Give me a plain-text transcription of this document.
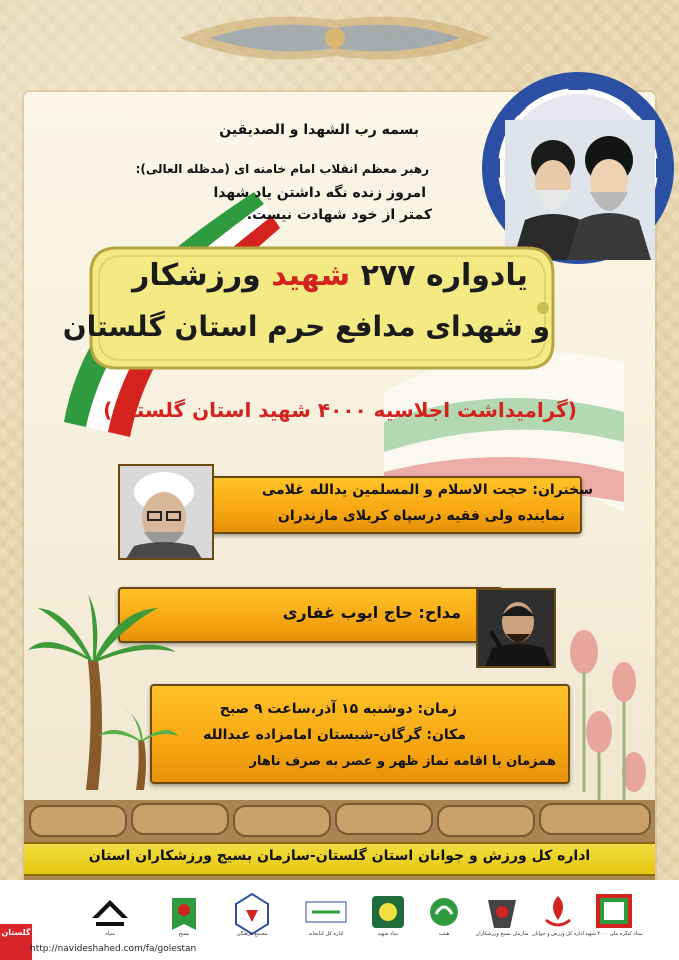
بسمه رب الشهدا و الصدیقین
رهبر معظم انقلاب امام خامنه ای (مدظله العالی):
امروز زنده نگه داشتن یاد شهدا
کمتر از خود شهادت نیست.
یادواره ۲۷۷ شهید ورزشکار
و شهدای مدافع حرم استان گلستان
(گرامیداشت اجلاسیه ۴۰۰۰ شهید استان گلستان)
سخنران: حجت الاسلام و المسلمین یدالله غلامی
نماینده ولی فقیه درسپاه کربلای مازندران
مداح: حاج ایوب غفاری
زمان: دوشنبه ۱۵ آذر،ساعت ۹ صبح
مکان: گرگان-شبستان امامزاده عبدالله
همزمان با اقامه نماز ظهر و عصر به صرف ناهار
اداره کل ورزش و جوانان استان گلستان-سازمان بسیج ورزشکاران استان
ستاد کنگره ملی ۴۰۰۰ شهید
اداره کل ورزش و جوانان
سازمان بسیج ورزشکاران
هیئت
بنیاد شهید
اداره کل کتابخانه
مجتمع فرهنگی
بسیج
سپاه
گلستان
http://navideshahed.com/fa/golestan
